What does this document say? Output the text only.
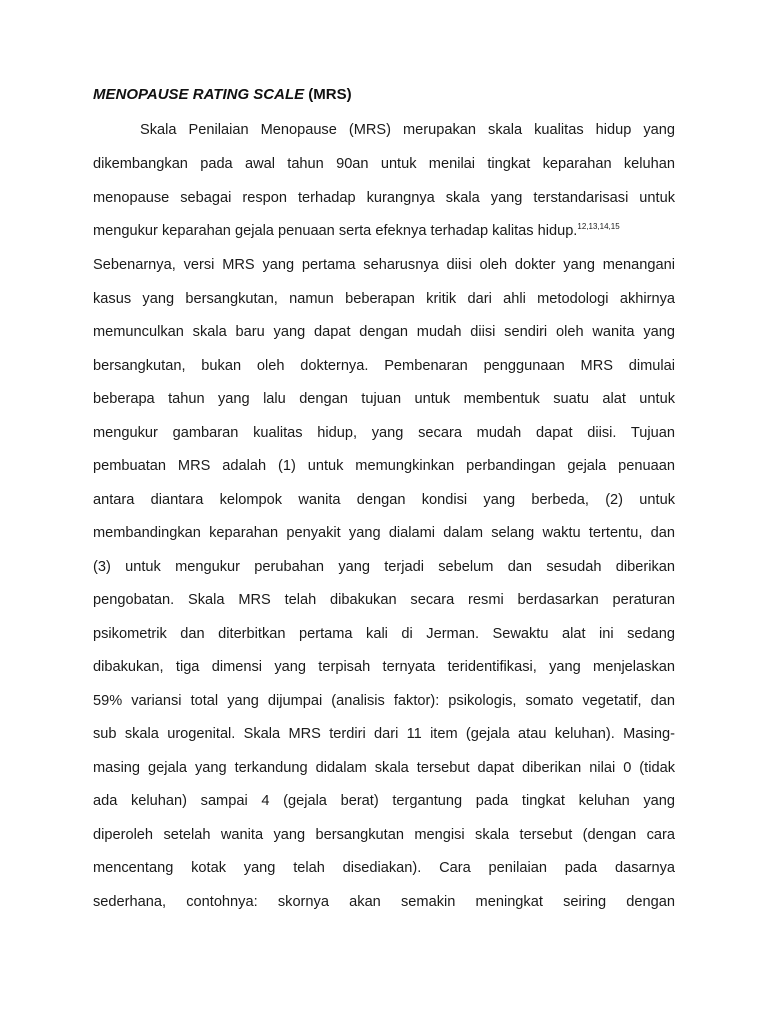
MENOPAUSE RATING SCALE (MRS)
Skala Penilaian Menopause (MRS) merupakan skala kualitas hidup yang
dikembangkan pada awal tahun 90an untuk menilai tingkat keparahan keluhan
menopause sebagai respon terhadap kurangnya skala yang terstandarisasi untuk
mengukur keparahan gejala penuaan serta efeknya terhadap kalitas hidup.$^{12,13,14,15}$
Sebenarnya, versi MRS yang pertama seharusnya diisi oleh dokter yang menangani
kasus yang bersangkutan, namun beberapan kritik dari ahli metodologi akhirnya
memunculkan skala baru yang dapat dengan mudah diisi sendiri oleh wanita yang
bersangkutan, bukan oleh dokternya. Pembenaran penggunaan MRS dimulai
beberapa tahun yang lalu dengan tujuan untuk membentuk suatu alat untuk
mengukur gambaran kualitas hidup, yang secara mudah dapat diisi. Tujuan
pembuatan MRS adalah (1) untuk memungkinkan perbandingan gejala penuaan
antara diantara kelompok wanita dengan kondisi yang berbeda, (2) untuk
membandingkan keparahan penyakit yang dialami dalam selang waktu tertentu, dan
(3) untuk mengukur perubahan yang terjadi sebelum dan sesudah diberikan
pengobatan. Skala MRS telah dibakukan secara resmi berdasarkan peraturan
psikometrik dan diterbitkan pertama kali di Jerman. Sewaktu alat ini sedang
dibakukan, tiga dimensi yang terpisah ternyata teridentifikasi, yang menjelaskan
59% variansi total yang dijumpai (analisis faktor): psikologis, somato vegetatif, dan
sub skala urogenital. Skala MRS terdiri dari 11 item (gejala atau keluhan). Masing-
masing gejala yang terkandung didalam skala tersebut dapat diberikan nilai 0 (tidak
ada keluhan) sampai 4 (gejala berat) tergantung pada tingkat keluhan yang
diperoleh setelah wanita yang bersangkutan mengisi skala tersebut (dengan cara
mencentang kotak yang telah disediakan). Cara penilaian pada dasarnya
sederhana, contohnya: skornya akan semakin meningkat seiring dengan
